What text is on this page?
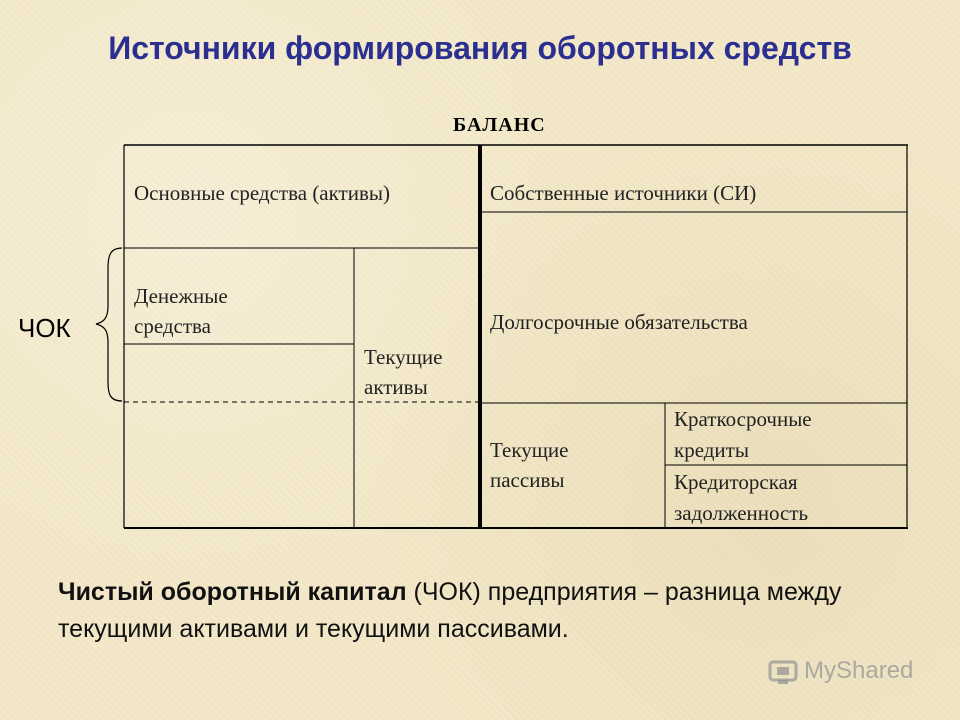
Источники формирования оборотных средств
БАЛАНС
Основные средства (активы)
Денежные
средства
Текущие
активы
Собственные источники (СИ)
Долгосрочные обязательства
Текущие
пассивы
Краткосрочные
кредиты
Кредиторская
задолженность
ЧОК
Чистый оборотный капитал (ЧОК) предприятия – разница между текущими активами и текущими пассивами.
MyShared
